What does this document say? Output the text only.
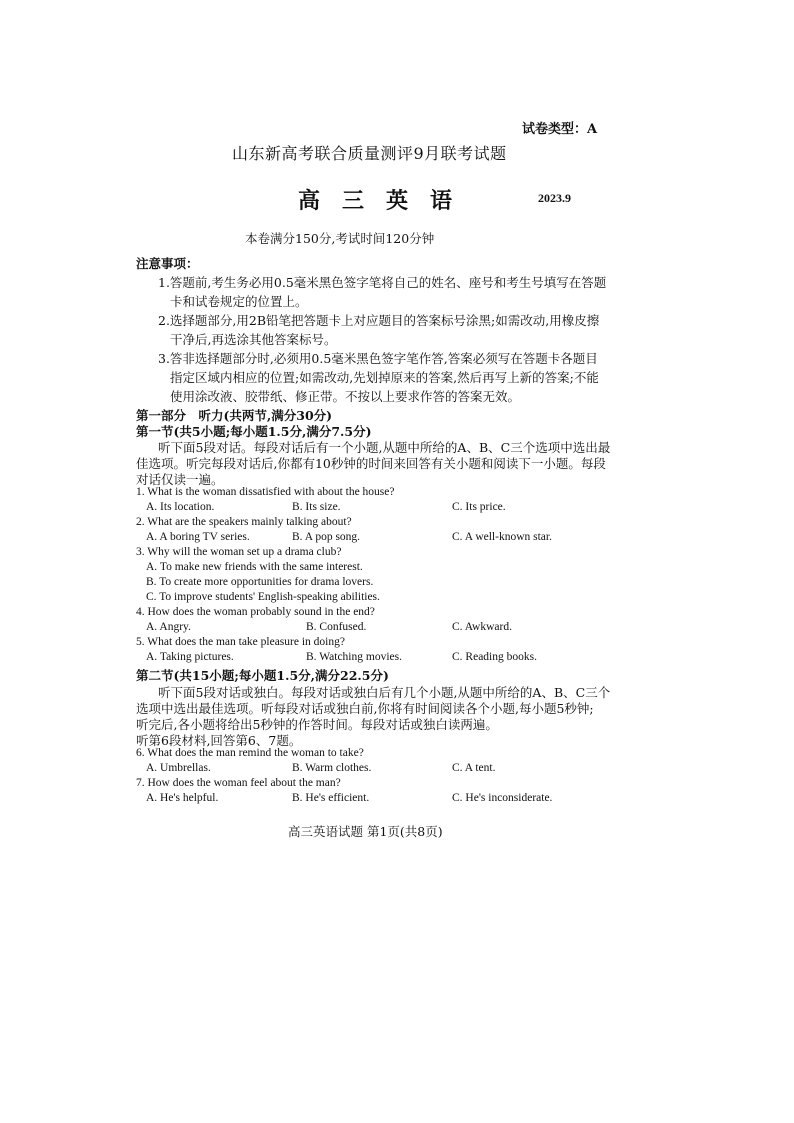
试卷类型：A
山东新高考联合质量测评9月联考试题
高　三　英　语	2023.9
本卷满分150分,考试时间120分钟
注意事项：
1.答题前,考生务必用0.5毫米黑色签字笔将自己的姓名、座号和考生号填写在答题
卡和试卷规定的位置上。
2.选择题部分,用2B铅笔把答题卡上对应题目的答案标号涂黑;如需改动,用橡皮擦
干净后,再选涂其他答案标号。
3.答非选择题部分时,必须用0.5毫米黑色签字笔作答,答案必须写在答题卡各题目
指定区域内相应的位置;如需改动,先划掉原来的答案,然后再写上新的答案;不能
使用涂改液、胶带纸、修正带。不按以上要求作答的答案无效。
第一部分　听力(共两节,满分30分)
第一节(共5小题;每小题1.5分,满分7.5分)
听下面5段对话。每段对话后有一个小题,从题中所给的A、B、C三个选项中选出最
佳选项。听完每段对话后,你都有10秒钟的时间来回答有关小题和阅读下一小题。每段
对话仅读一遍。
1. What is the woman dissatisfied with about the house?
A. Its location.	B. Its size.	C. Its price.
2. What are the speakers mainly talking about?
A. A boring TV series.	B. A pop song.	C. A well-known star.
3. Why will the woman set up a drama club?
A. To make new friends with the same interest.
B. To create more opportunities for drama lovers.
C. To improve students' English-speaking abilities.
4. How does the woman probably sound in the end?
A. Angry.	B. Confused.	C. Awkward.
5. What does the man take pleasure in doing?
A. Taking pictures.	B. Watching movies.	C. Reading books.
第二节(共15小题;每小题1.5分,满分22.5分)
听下面5段对话或独白。每段对话或独白后有几个小题,从题中所给的A、B、C三个
选项中选出最佳选项。听每段对话或独白前,你将有时间阅读各个小题,每小题5秒钟;
听完后,各小题将给出5秒钟的作答时间。每段对话或独白读两遍。
听第6段材料,回答第6、7题。
6. What does the man remind the woman to take?
A. Umbrellas.	B. Warm clothes.	C. A tent.
7. How does the woman feel about the man?
A. He's helpful.	B. He's efficient.	C. He's inconsiderate.
高三英语试题 第1页(共8页)
